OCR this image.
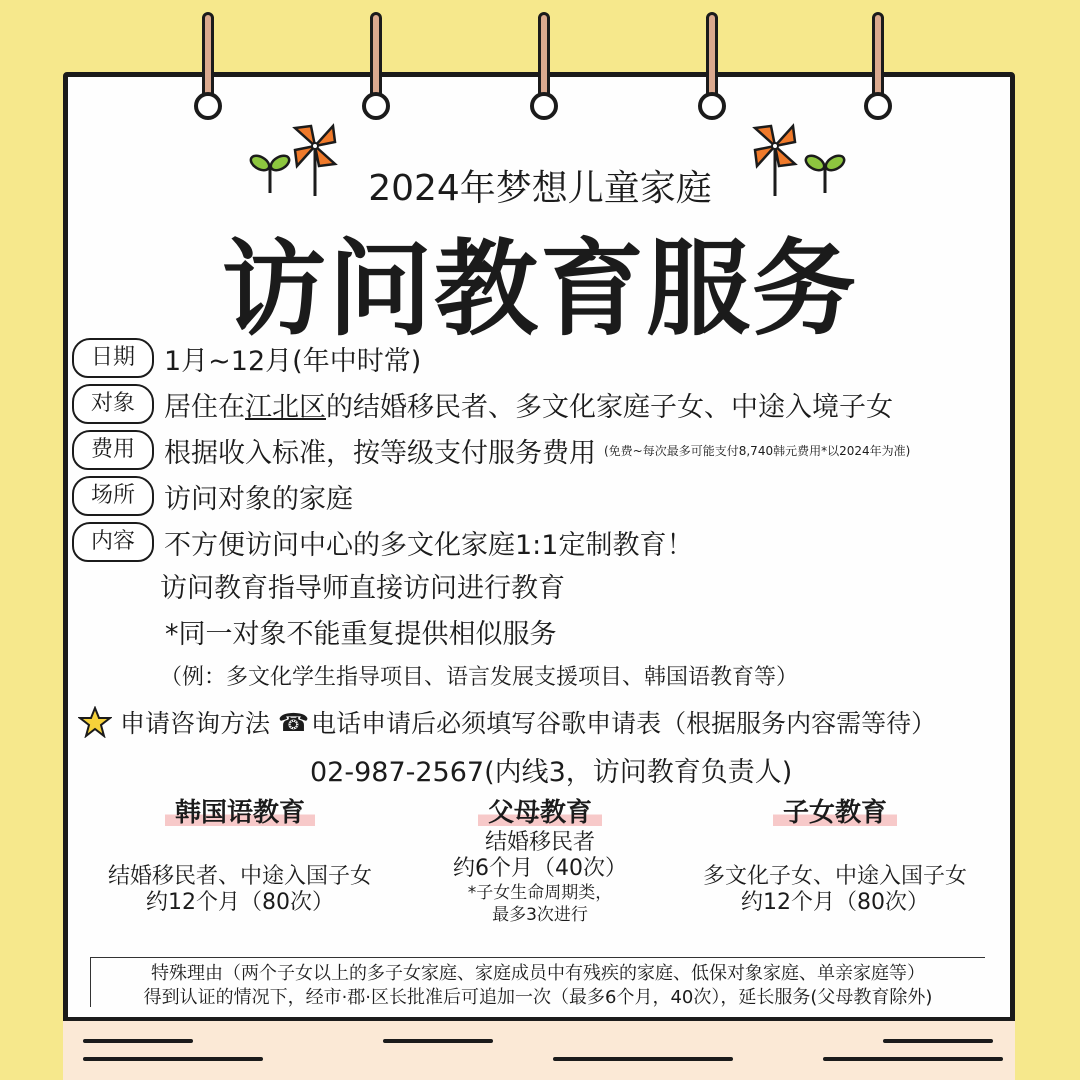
2024年梦想儿童家庭
访问教育服务
日期	1月~12月(年中时常)
对象	居住在 江北区 的结婚移民者、多文化家庭子女、中途入境子女
费用	根据收入标准，按等级支付服务费用 (免费~每次最多可能支付8,740韩元费用*以2024年为准)
场所	访问对象的家庭
内容	不方便访问中心的多文化家庭1:1定制教育！
访问教育指导师直接访问进行教育
*同一对象不能重复提供相似服务
（例：多文化学生指导项目、语言发展支援项目、韩国语教育等）
申请咨询方法 ☎ 电话申请后必须填写谷歌申请表（根据服务内容需等待）
02-987-2567(内线3，访问教育负责人)
韩国语教育
结婚移民者、中途入国子女
约12个月（80次）
父母教育
结婚移民者
约6个月（40次）
*子女生命周期类，
最多3次进行
子女教育
多文化子女、中途入国子女
约12个月（80次）
特殊理由（两个子女以上的多子女家庭、家庭成员中有残疾的家庭、低保对象家庭、单亲家庭等）
得到认证的情况下，经市·郡·区长批准后可追加一次（最多6个月，40次），延长服务(父母教育除外)
